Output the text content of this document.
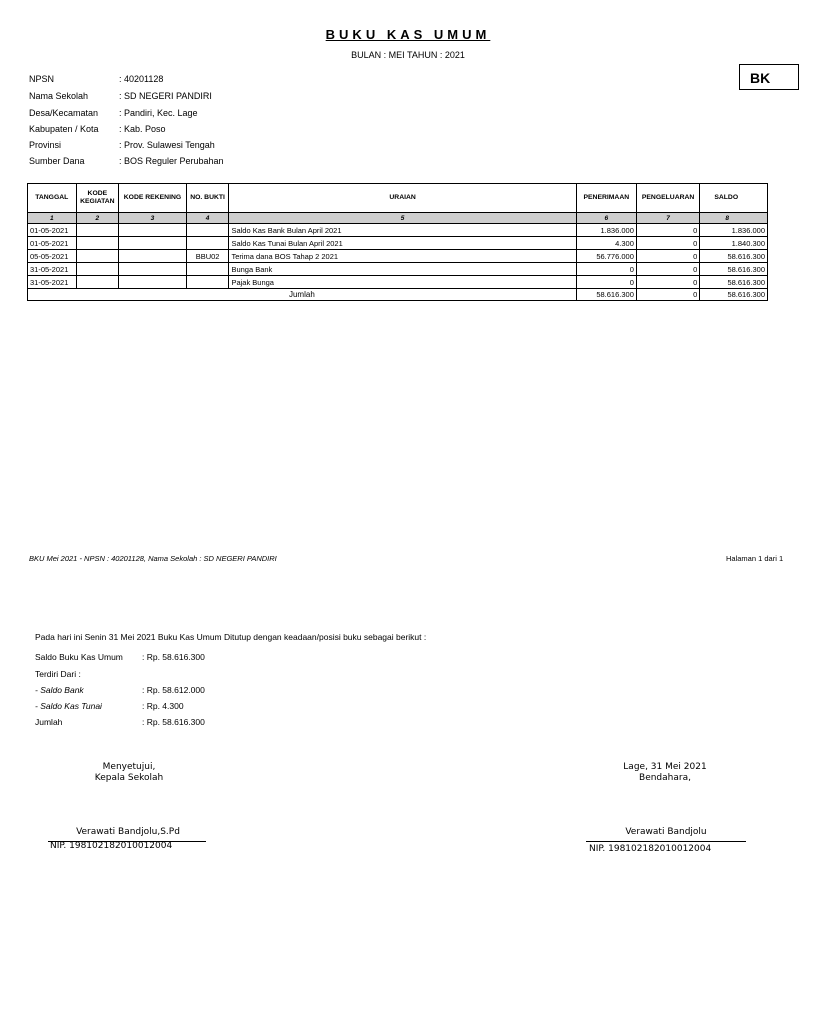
BUKU KAS UMUM
BULAN : MEI TAHUN : 2021
BK
NPSN	: 40201128
Nama Sekolah	: SD NEGERI PANDIRI
Desa/Kecamatan	: Pandiri, Kec. Lage
Kabupaten / Kota	: Kab. Poso
Provinsi	: Prov. Sulawesi Tengah
Sumber Dana	: BOS Reguler Perubahan
TANGGAL	KODE KEGIATAN	KODE REKENING	NO. BUKTI	URAIAN	PENERIMAAN	PENGELUARAN	SALDO
1	2	3	4	5	6	7	8
01-05-2021				Saldo Kas Bank Bulan April 2021	1.836.000	0	1.836.000
01-05-2021				Saldo Kas Tunai Bulan April 2021	4.300	0	1.840.300
05-05-2021			BBU02	Terima dana BOS Tahap 2 2021	56.776.000	0	58.616.300
31-05-2021				Bunga Bank	0	0	58.616.300
31-05-2021				Pajak Bunga	0	0	58.616.300
Jumlah					58.616.300	0	58.616.300
BKU Mei 2021 - NPSN : 40201128, Nama Sekolah : SD NEGERI PANDIRI	Halaman 1 dari 1
Pada hari ini Senin 31 Mei 2021 Buku Kas Umum Ditutup dengan keadaan/posisi buku sebagai berikut :
Saldo Buku Kas Umum : Rp. 58.616.300
Terdiri Dari :
- Saldo Bank	: Rp. 58.612.000
- Saldo Kas Tunai	: Rp. 4.300
Jumlah	: Rp. 58.616.300
Menyetujui,
Kepala Sekolah
Verawati Bandjolu,S.Pd
NIP. 198102182010012004
Lage, 31 Mei 2021
Bendahara,
Verawati Bandjolu
NIP. 198102182010012004
